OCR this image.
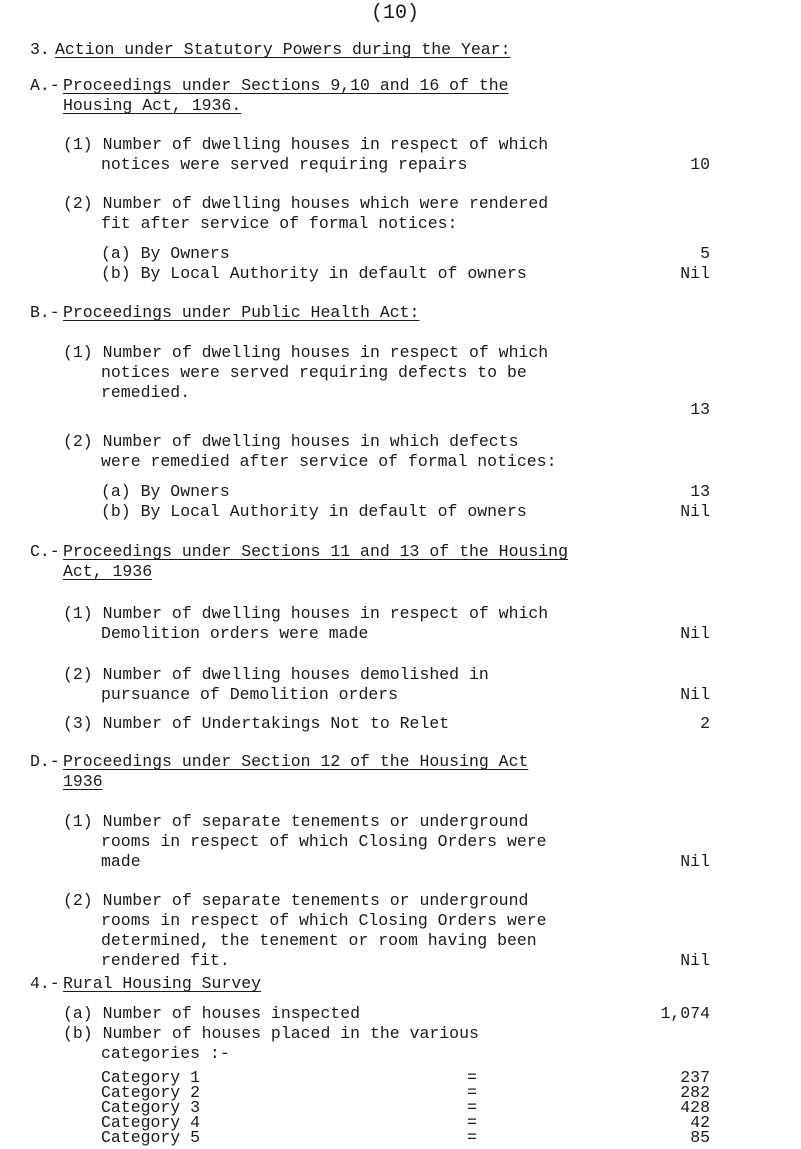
(10)
3. Action under Statutory Powers during the Year:
A.- Proceedings under Sections 9,10 and 16 of the
Housing Act, 1936.
(1) Number of dwelling houses in respect of which
notices were served requiring repairs	10
(2) Number of dwelling houses which were rendered
fit after service of formal notices:
(a) By Owners	5
(b) By Local Authority in default of owners	Nil
B.- Proceedings under Public Health Act:
(1) Number of dwelling houses in respect of which
notices were served requiring defects to be
remedied.
13
(2) Number of dwelling houses in which defects
were remedied after service of formal notices:
(a) By Owners	13
(b) By Local Authority in default of owners	Nil
C.- Proceedings under Sections 11 and 13 of the Housing
Act, 1936
(1) Number of dwelling houses in respect of which
Demolition orders were made	Nil
(2) Number of dwelling houses demolished in
pursuance of Demolition orders	Nil
(3) Number of Undertakings Not to Relet	2
D.- Proceedings under Section 12 of the Housing Act
1936
(1) Number of separate tenements or underground
rooms in respect of which Closing Orders were
made	Nil
(2) Number of separate tenements or underground
rooms in respect of which Closing Orders were
determined, the tenement or room having been
rendered fit.	Nil
4.- Rural Housing Survey
(a) Number of houses inspected	1,074
(b) Number of houses placed in the various
categories :-
Category 1	=	237
Category 2	=	282
Category 3	=	428
Category 4	=	42
Category 5	=	85
